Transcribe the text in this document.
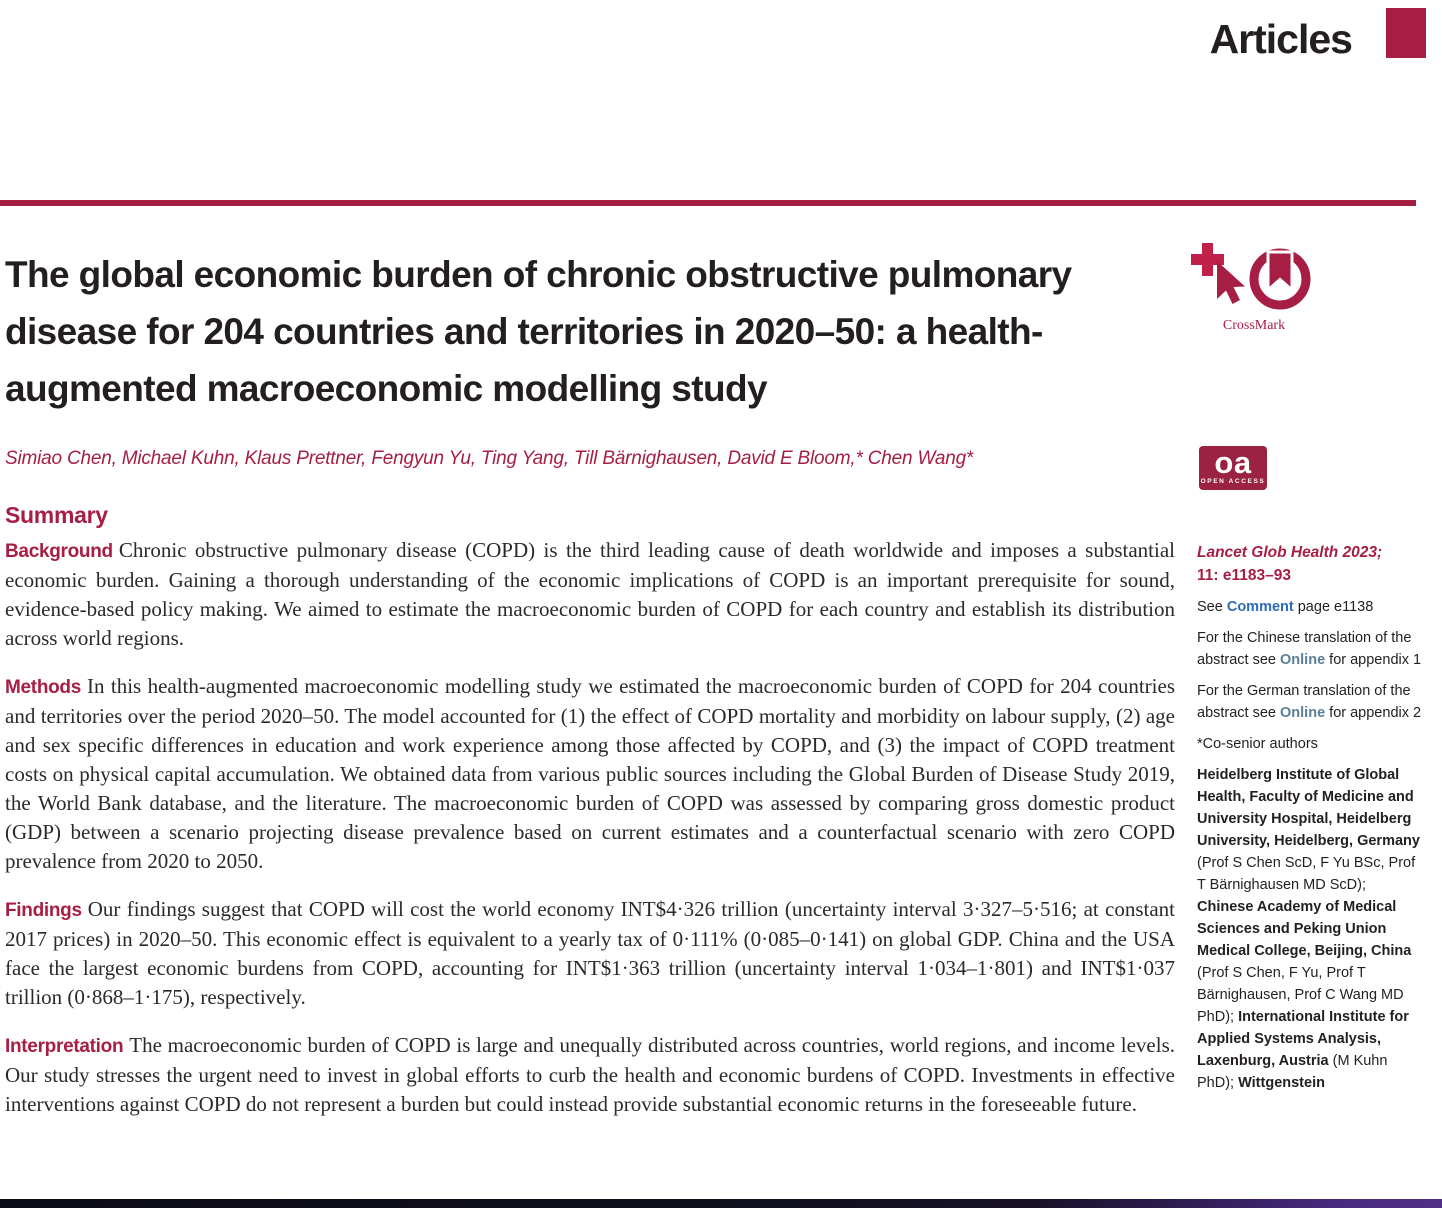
Articles
The global economic burden of chronic obstructive pulmonary
disease for 204 countries and territories in 2020–50: a health-
augmented macroeconomic modelling study
Simiao Chen, Michael Kuhn, Klaus Prettner, Fengyun Yu, Ting Yang, Till Bärnighausen, David E Bloom,* Chen Wang*
CrossMark
oa
OPEN ACCESS
Summary

Background Chronic obstructive pulmonary disease (COPD) is the third leading cause of death worldwide and imposes a substantial economic burden. Gaining a thorough understanding of the economic implications of COPD is an important prerequisite for sound, evidence-based policy making. We aimed to estimate the macroeconomic burden of COPD for each country and establish its distribution across world regions.

Methods In this health-augmented macroeconomic modelling study we estimated the macroeconomic burden of COPD for 204 countries and territories over the period 2020–50. The model accounted for (1) the effect of COPD mortality and morbidity on labour supply, (2) age and sex specific differences in education and work experience among those affected by COPD, and (3) the impact of COPD treatment costs on physical capital accumulation. We obtained data from various public sources including the Global Burden of Disease Study 2019, the World Bank database, and the literature. The macroeconomic burden of COPD was assessed by comparing gross domestic product (GDP) between a scenario projecting disease prevalence based on current estimates and a counterfactual scenario with zero COPD prevalence from 2020 to 2050.

Findings Our findings suggest that COPD will cost the world economy INT$4·326 trillion (uncertainty interval 3·327–5·516; at constant 2017 prices) in 2020–50. This economic effect is equivalent to a yearly tax of 0·111% (0·085–0·141) on global GDP. China and the USA face the largest economic burdens from COPD, accounting for INT$1·363 trillion (uncertainty interval 1·034–1·801) and INT$1·037 trillion (0·868–1·175), respectively.

Interpretation The macroeconomic burden of COPD is large and unequally distributed across countries, world regions, and income levels. Our study stresses the urgent need to invest in global efforts to curb the health and economic burdens of COPD. Investments in effective interventions against COPD do not represent a burden but could instead provide substantial economic returns in the foreseeable future.

Lancet Glob Health 2023;
11: e1183–93
See Comment page e1138
For the Chinese translation of the abstract see Online for appendix 1
For the German translation of the abstract see Online for appendix 2
*Co-senior authors
Heidelberg Institute of Global Health, Faculty of Medicine and University Hospital, Heidelberg University, Heidelberg, Germany (Prof S Chen ScD, F Yu BSc, Prof T Bärnighausen MD ScD); Chinese Academy of Medical Sciences and Peking Union Medical College, Beijing, China (Prof S Chen, F Yu, Prof T Bärnighausen, Prof C Wang MD PhD); International Institute for Applied Systems Analysis, Laxenburg, Austria (M Kuhn PhD); Wittgenstein
